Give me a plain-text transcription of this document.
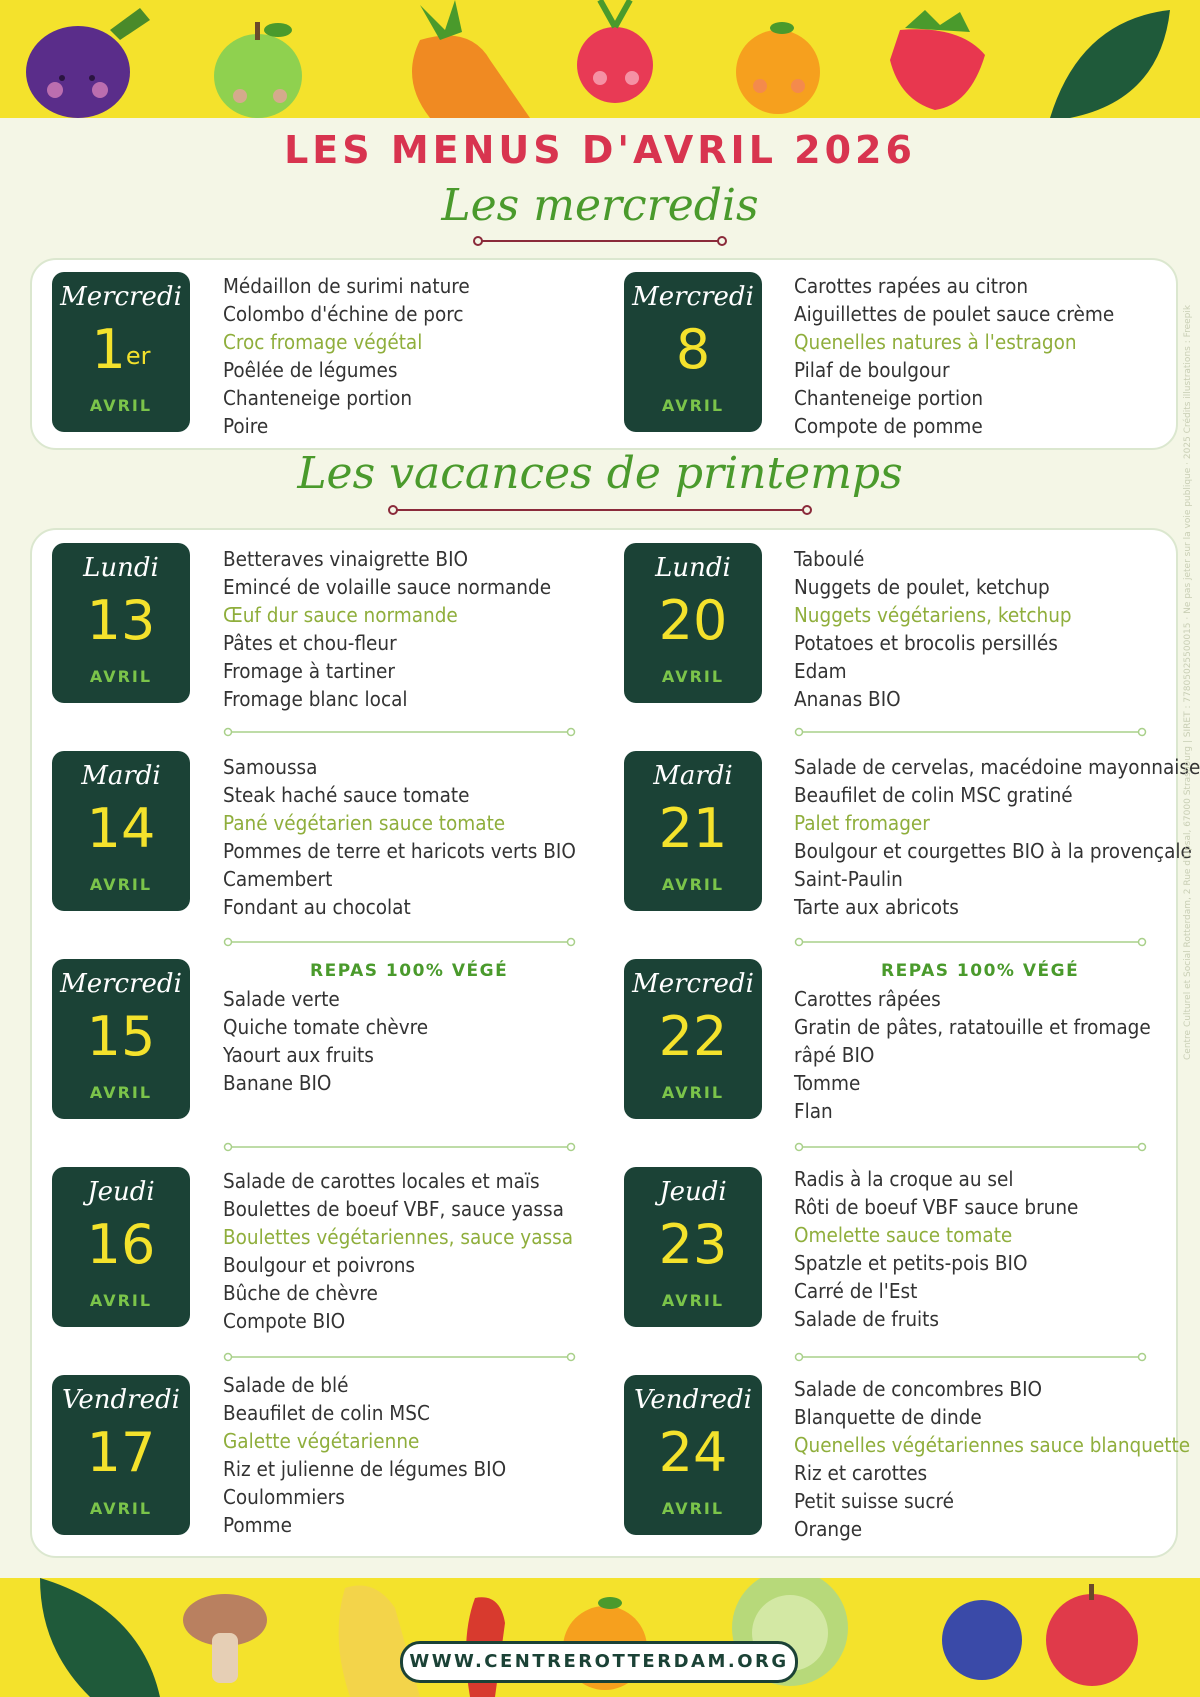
LES MENUS D'AVRIL 2026
Les mercredis
Mercredi
1er
AVRIL
Médaillon de surimi nature
Colombo d'échine de porc
Croc fromage végétal
Poêlée de légumes
Chanteneige portion
Poire
Mercredi
8
AVRIL
Carottes rapées au citron
Aiguillettes de poulet sauce crème
Quenelles natures à l'estragon
Pilaf de boulgour
Chanteneige portion
Compote de pomme
Les vacances de printemps
Lundi
13
AVRIL
Betteraves vinaigrette BIO
Emincé de volaille sauce normande
Œuf dur sauce normande
Pâtes et chou-fleur
Fromage à tartiner
Fromage blanc local
Lundi
20
AVRIL
Taboulé
Nuggets de poulet, ketchup
Nuggets végétariens, ketchup
Potatoes et brocolis persillés
Edam
Ananas BIO
Mardi
14
AVRIL
Samoussa
Steak haché sauce tomate
Pané végétarien sauce tomate
Pommes de terre et haricots verts BIO
Camembert
Fondant au chocolat
Mardi
21
AVRIL
Salade de cervelas, macédoine mayonnaise
Beaufilet de colin MSC gratiné
Palet fromager
Boulgour et courgettes BIO à la provençale
Saint-Paulin
Tarte aux abricots
Mercredi
15
AVRIL
REPAS 100% VÉGÉ
Salade verte
Quiche tomate chèvre
Yaourt aux fruits
Banane BIO
Mercredi
22
AVRIL
REPAS 100% VÉGÉ
Carottes râpées
Gratin de pâtes, ratatouille et fromage
râpé BIO
Tomme
Flan
Jeudi
16
AVRIL
Salade de carottes locales et maïs
Boulettes de boeuf VBF, sauce yassa
Boulettes végétariennes, sauce yassa
Boulgour et poivrons
Bûche de chèvre
Compote BIO
Jeudi
23
AVRIL
Radis à la croque au sel
Rôti de boeuf VBF sauce brune
Omelette sauce tomate
Spatzle et petits-pois BIO
Carré de l'Est
Salade de fruits
Vendredi
17
AVRIL
Salade de blé
Beaufilet de colin MSC
Galette végétarienne
Riz et julienne de légumes BIO
Coulommiers
Pomme
Vendredi
24
AVRIL
Salade de concombres BIO
Blanquette de dinde
Quenelles végétariennes sauce blanquette
Riz et carottes
Petit suisse sucré
Orange
Centre Culturel et Social Rotterdam, 2 Rue d'Upsal, 67000 Strasbourg | SIRET : 77805025500015 · Ne pas jeter sur la voie publique · 2025 Crédits illustrations : Freepik
WWW.CENTREROTTERDAM.ORG
